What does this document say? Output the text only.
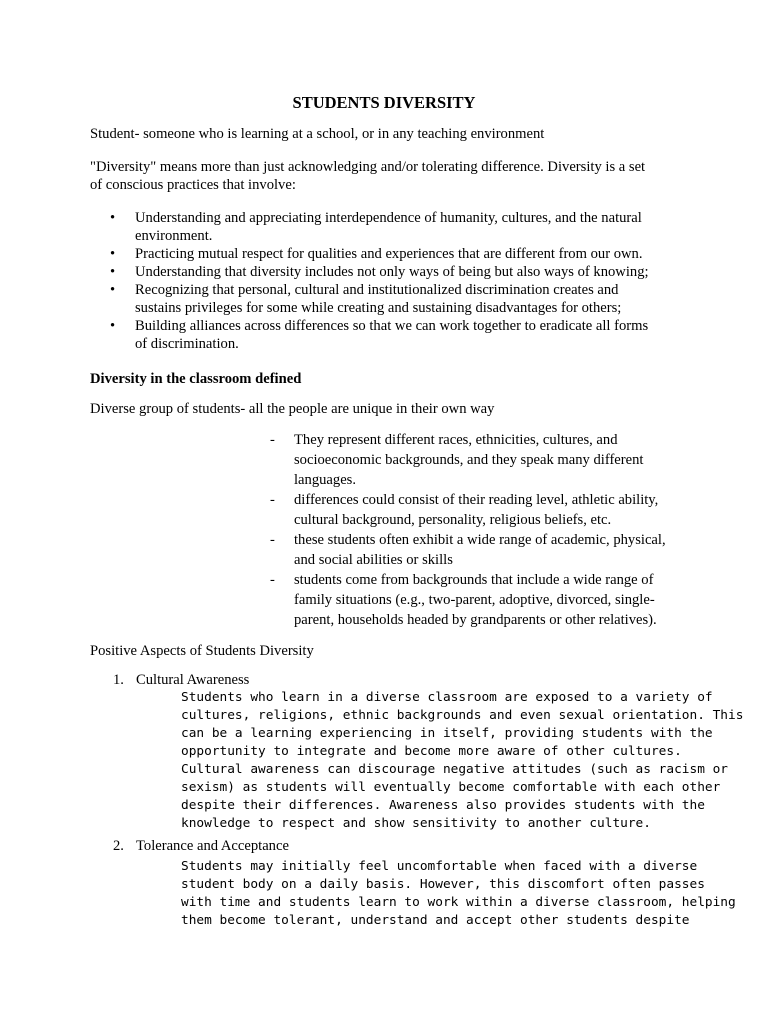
STUDENTS DIVERSITY

Student- someone who is learning at a school, or in any teaching environment

"Diversity" means more than just acknowledging and/or tolerating difference. Diversity is a set
of conscious practices that involve:

• Understanding and appreciating interdependence of humanity, cultures, and the natural
environment.
• Practicing mutual respect for qualities and experiences that are different from our own.
• Understanding that diversity includes not only ways of being but also ways of knowing;
• Recognizing that personal, cultural and institutionalized discrimination creates and
sustains privileges for some while creating and sustaining disadvantages for others;
• Building alliances across differences so that we can work together to eradicate all forms
of discrimination.

Diversity in the classroom defined

Diverse group of students- all the people are unique in their own way

- They represent different races, ethnicities, cultures, and
socioeconomic backgrounds, and they speak many different
languages.
- differences could consist of their reading level, athletic ability,
cultural background, personality, religious beliefs, etc.
- these students often exhibit a wide range of academic, physical,
and social abilities or skills
- students come from backgrounds that include a wide range of
family situations (e.g., two-parent, adoptive, divorced, single-
parent, households headed by grandparents or other relatives).

Positive Aspects of Students Diversity

1. Cultural Awareness
Students who learn in a diverse classroom are exposed to a variety of
cultures, religions, ethnic backgrounds and even sexual orientation. This
can be a learning experiencing in itself, providing students with the
opportunity to integrate and become more aware of other cultures.
Cultural awareness can discourage negative attitudes (such as racism or
sexism) as students will eventually become comfortable with each other
despite their differences. Awareness also provides students with the
knowledge to respect and show sensitivity to another culture.
2. Tolerance and Acceptance
Students may initially feel uncomfortable when faced with a diverse
student body on a daily basis. However, this discomfort often passes
with time and students learn to work within a diverse classroom, helping
them become tolerant, understand and accept other students despite
